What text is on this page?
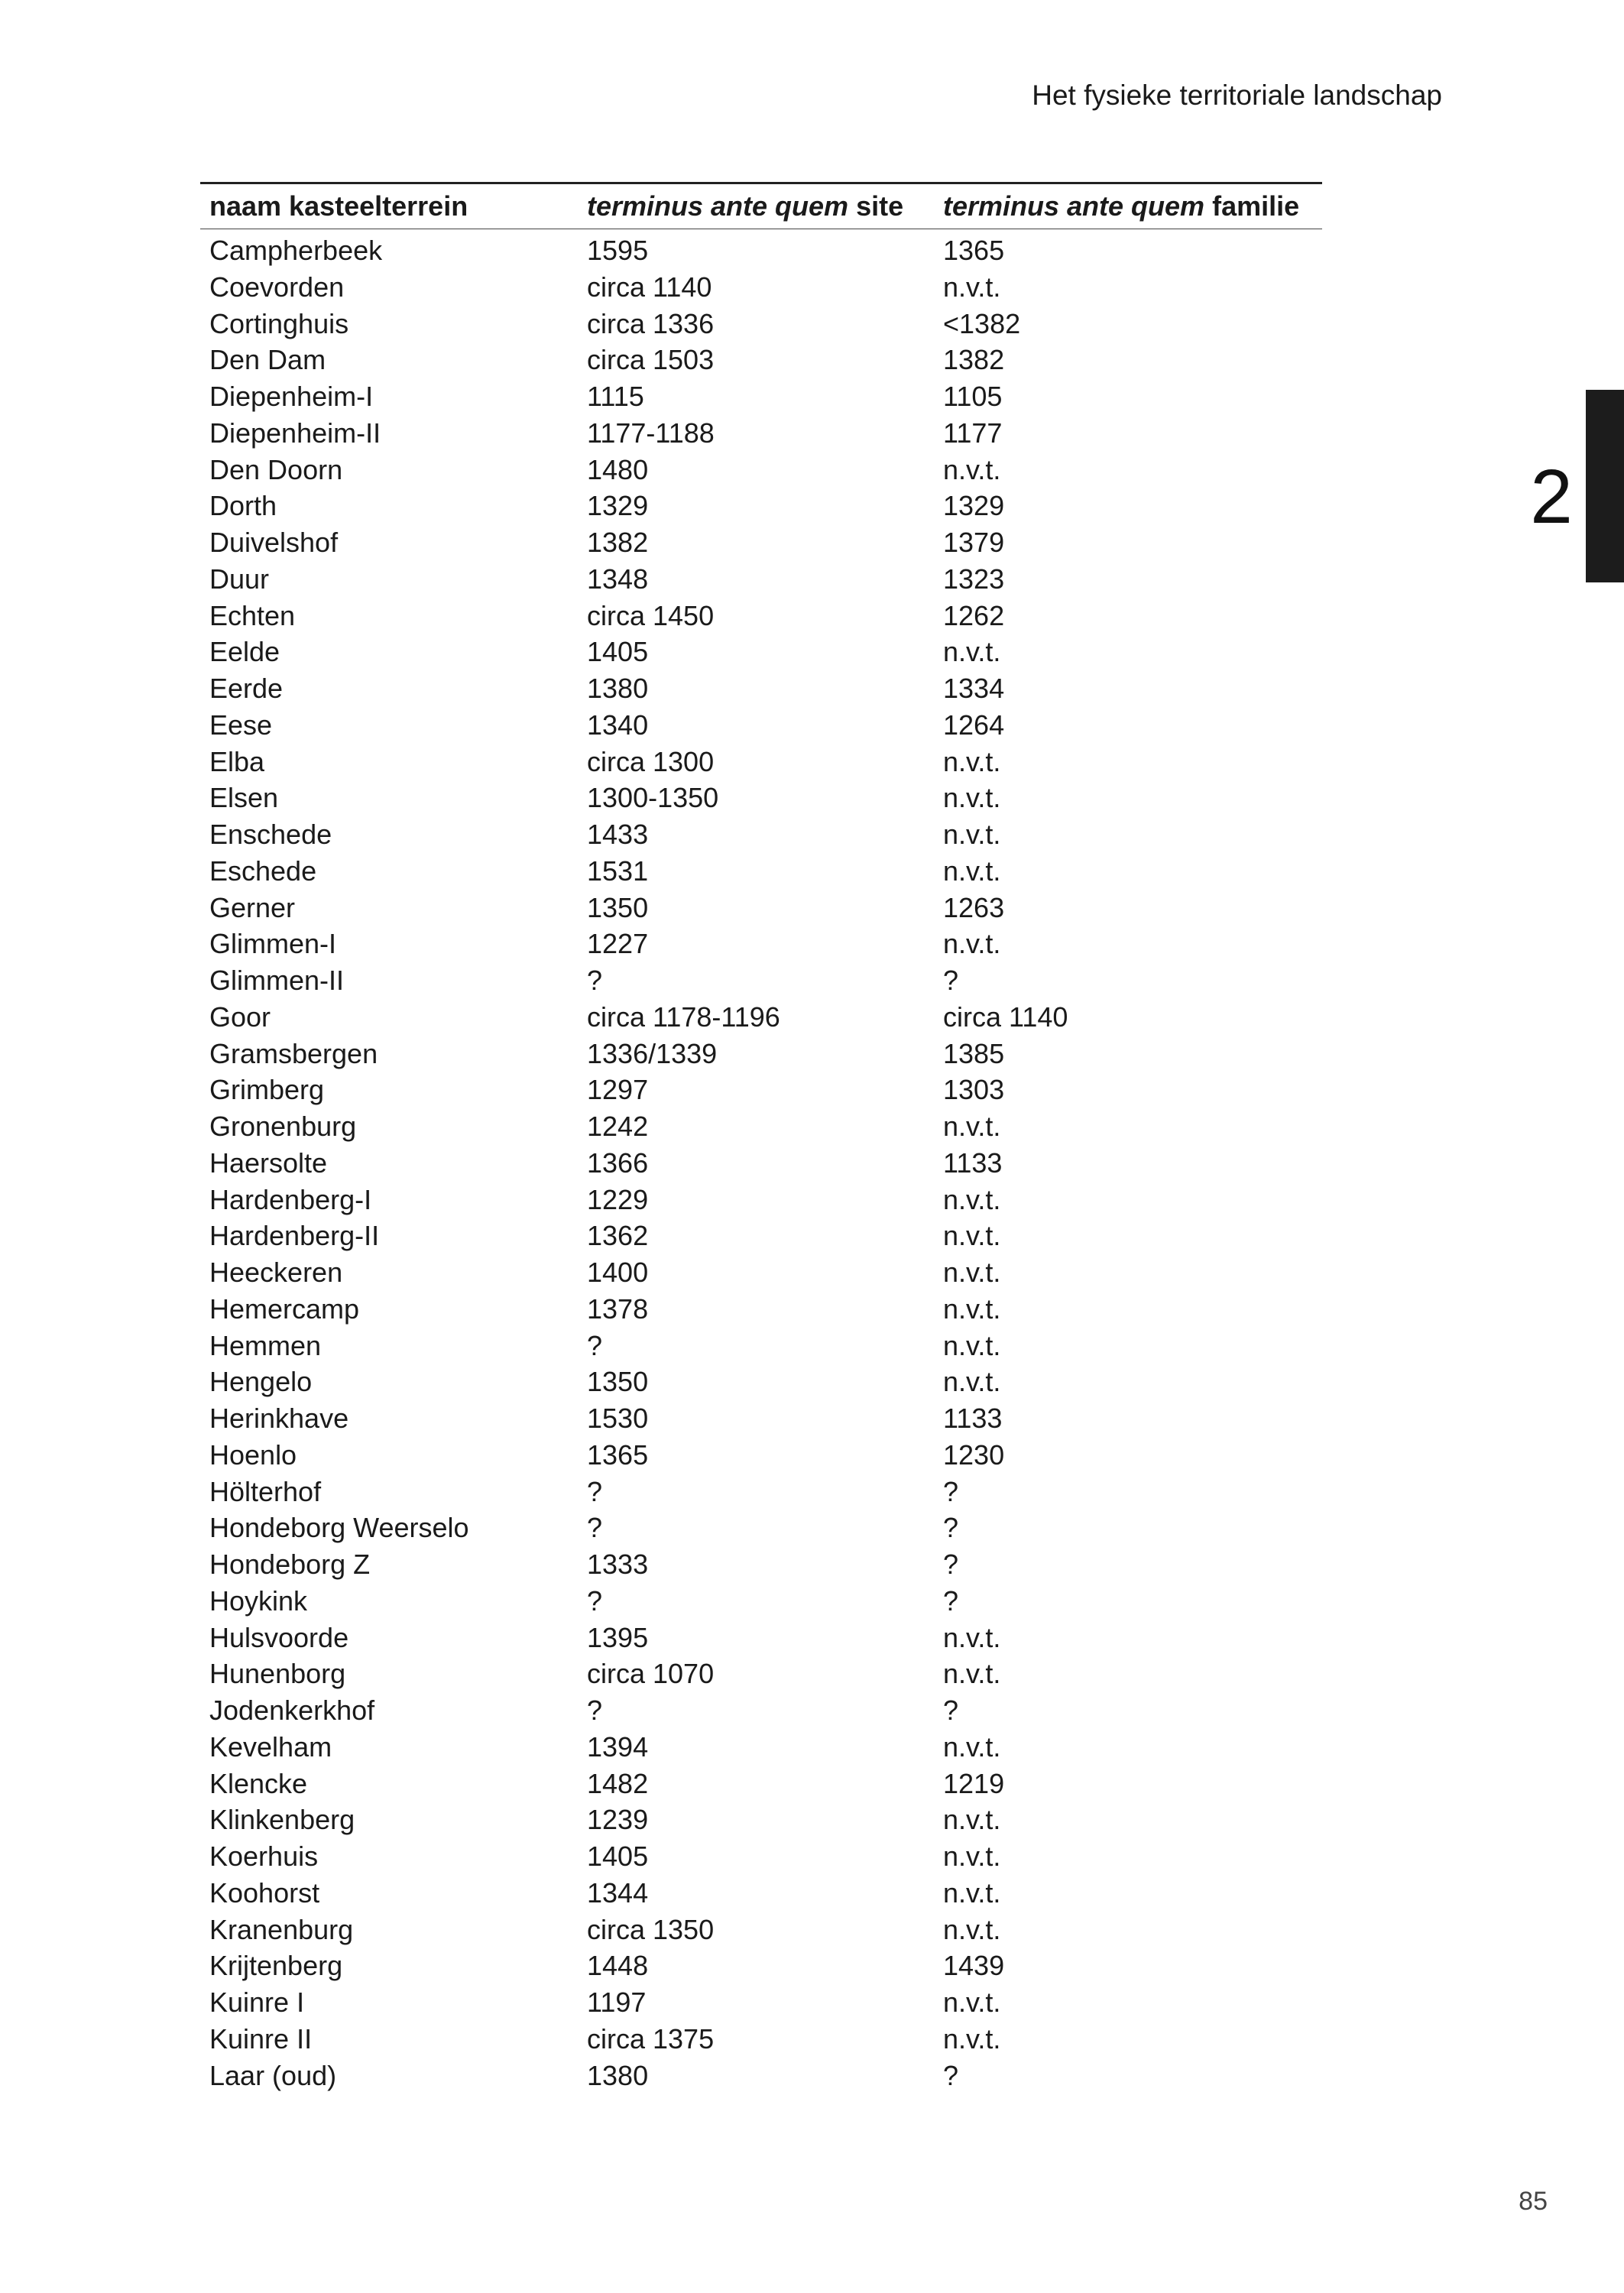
Het fysieke territoriale landschap
2
naam kasteelterrein	terminus ante quem site	terminus ante quem familie
Campherbeek	1595	1365
Coevorden	circa 1140	n.v.t.
Cortinghuis	circa 1336	<1382
Den Dam	circa 1503	1382
Diepenheim-I	1115	1105
Diepenheim-II	1177-1188	1177
Den Doorn	1480	n.v.t.
Dorth	1329	1329
Duivelshof	1382	1379
Duur	1348	1323
Echten	circa 1450	1262
Eelde	1405	n.v.t.
Eerde	1380	1334
Eese	1340	1264
Elba	circa 1300	n.v.t.
Elsen	1300-1350	n.v.t.
Enschede	1433	n.v.t.
Eschede	1531	n.v.t.
Gerner	1350	1263
Glimmen-I	1227	n.v.t.
Glimmen-II	?	?
Goor	circa 1178-1196	circa 1140
Gramsbergen	1336/1339	1385
Grimberg	1297	1303
Gronenburg	1242	n.v.t.
Haersolte	1366	1133
Hardenberg-I	1229	n.v.t.
Hardenberg-II	1362	n.v.t.
Heeckeren	1400	n.v.t.
Hemercamp	1378	n.v.t.
Hemmen	?	n.v.t.
Hengelo	1350	n.v.t.
Herinkhave	1530	1133
Hoenlo	1365	1230
Hölterhof	?	?
Hondeborg Weerselo	?	?
Hondeborg Z	1333	?
Hoykink	?	?
Hulsvoorde	1395	n.v.t.
Hunenborg	circa 1070	n.v.t.
Jodenkerkhof	?	?
Kevelham	1394	n.v.t.
Klencke	1482	1219
Klinkenberg	1239	n.v.t.
Koerhuis	1405	n.v.t.
Koohorst	1344	n.v.t.
Kranenburg	circa 1350	n.v.t.
Krijtenberg	1448	1439
Kuinre I	1197	n.v.t.
Kuinre II	circa 1375	n.v.t.
Laar (oud)	1380	?
85
